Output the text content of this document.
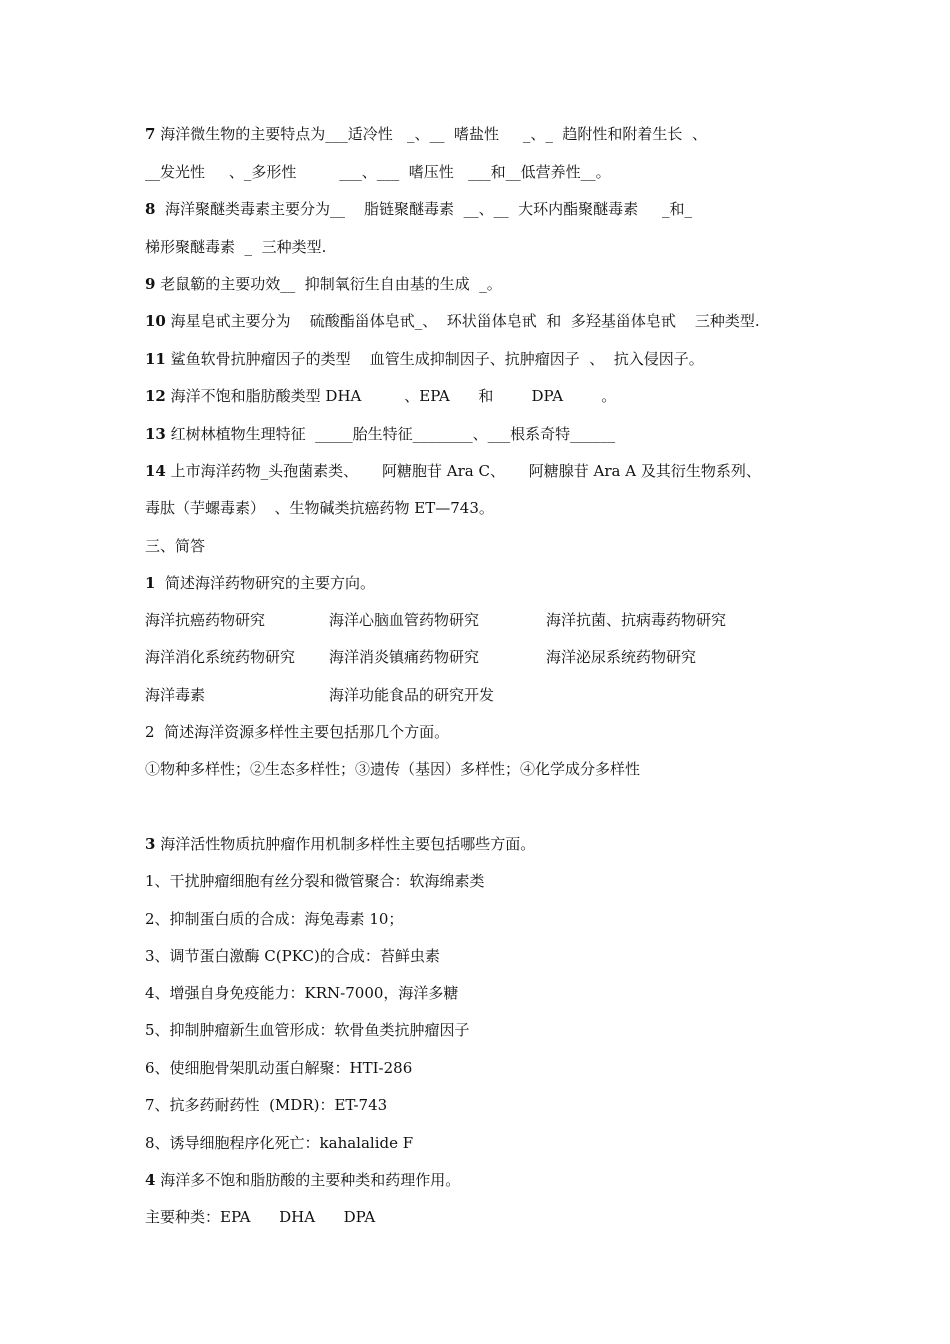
7 海洋微生物的主要特点为___适冷性   _、__  嗜盐性     _、_  趋附性和附着生长  、
__发光性     、_多形性         ___、___  嗜压性   ___和__低营养性__。
8  海洋聚醚类毒素主要分为__    脂链聚醚毒素  __、__  大环内酯聚醚毒素     _和_
梯形聚醚毒素  _  三种类型.
9 老鼠簕的主要功效__  抑制氧衍生自由基的生成  _。
10 海星皂甙主要分为    硫酸酯甾体皂甙_、  环状甾体皂甙  和  多羟基甾体皂甙    三种类型.
11 鲨鱼软骨抗肿瘤因子的类型    血管生成抑制因子、抗肿瘤因子  、  抗入侵因子。
12 海洋不饱和脂肪酸类型 DHA         、EPA      和        DPA        。
13 红树林植物生理特征  _____胎生特征________、___根系奇特______
14 上市海洋药物_头孢菌素类、     阿糖胞苷 Ara C、     阿糖腺苷 Ara A 及其衍生物系列、
毒肽（芋螺毒素）  、生物碱类抗癌药物 ET—743。
三、简答
1  简述海洋药物研究的主要方向。
海洋抗癌药物研究	海洋心脑血管药物研究	海洋抗菌、抗病毒药物研究
海洋消化系统药物研究 海洋消炎镇痛药物研究	海洋泌尿系统药物研究
海洋毒素	海洋功能食品的研究开发
2  简述海洋资源多样性主要包括那几个方面。
①物种多样性；②生态多样性；③遗传（基因）多样性；④化学成分多样性
3 海洋活性物质抗肿瘤作用机制多样性主要包括哪些方面。
1、干扰肿瘤细胞有丝分裂和微管聚合：软海绵素类
2、抑制蛋白质的合成：海兔毒素 10；
3、调节蛋白激酶 C(PKC)的合成：苔鲜虫素
4、增强自身免疫能力：KRN-7000，海洋多糖
5、抑制肿瘤新生血管形成：软骨鱼类抗肿瘤因子
6、使细胞骨架肌动蛋白解聚：HTI-286
7、抗多药耐药性  (MDR)：ET-743
8、诱导细胞程序化死亡：kahalalide F
4 海洋多不饱和脂肪酸的主要种类和药理作用。
主要种类：EPA      DHA      DPA
